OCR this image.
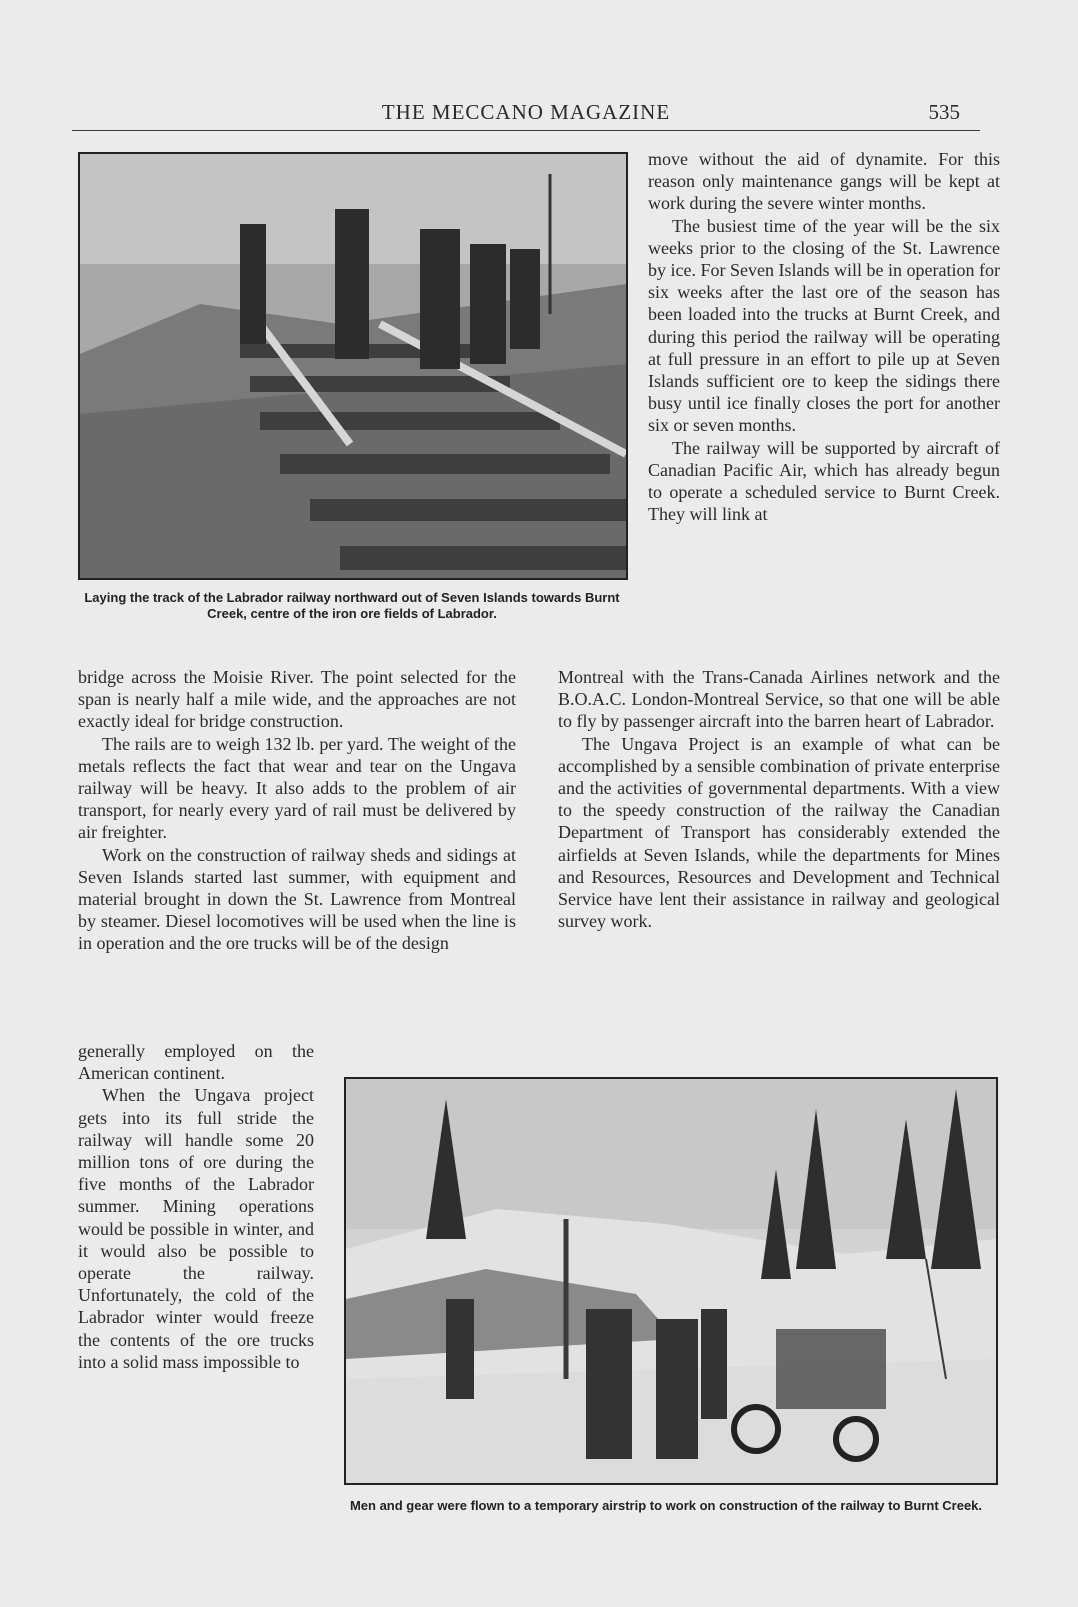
THE MECCANO MAGAZINE	535
Laying the track of the Labrador railway northward out of Seven Islands towards Burnt Creek, centre of the iron ore fields of Labrador.

move without the aid of dynamite. For this reason only maintenance gangs will be kept at work during the severe winter months.

The busiest time of the year will be the six weeks prior to the closing of the St. Lawrence by ice. For Seven Islands will be in operation for six weeks after the last ore of the season has been loaded into the trucks at Burnt Creek, and during this period the railway will be operating at full pressure in an effort to pile up at Seven Islands sufficient ore to keep the sidings there busy until ice finally closes the port for another six or seven months.

The railway will be supported by aircraft of Canadian Pacific Air, which has already begun to operate a scheduled service to Burnt Creek. They will link at

bridge across the Moisie River. The point selected for the span is nearly half a mile wide, and the approaches are not exactly ideal for bridge construction.

The rails are to weigh 132 lb. per yard. The weight of the metals reflects the fact that wear and tear on the Ungava railway will be heavy. It also adds to the problem of air transport, for nearly every yard of rail must be delivered by air freighter.

Work on the construction of railway sheds and sidings at Seven Islands started last summer, with equipment and material brought in down the St. Lawrence from Montreal by steamer. Diesel locomotives will be used when the line is in operation and the ore trucks will be of the design

Montreal with the Trans-Canada Airlines network and the B.O.A.C. London-Montreal Service, so that one will be able to fly by passenger aircraft into the barren heart of Labrador.

The Ungava Project is an example of what can be accomplished by a sensible combination of private enterprise and the activities of governmental departments. With a view to the speedy construction of the railway the Canadian Department of Transport has considerably extended the airfields at Seven Islands, while the departments for Mines and Resources, Resources and Development and Technical Service have lent their assistance in railway and geological survey work.

generally employed on the American continent.

When the Ungava project gets into its full stride the railway will handle some 20 million tons of ore during the five months of the Labrador summer. Mining operations would be possible in winter, and it would also be possible to operate the railway. Unfortunately, the cold of the Labrador winter would freeze the contents of the ore trucks into a solid mass impossible to

Men and gear were flown to a temporary airstrip to work on construction of the railway to Burnt Creek.
